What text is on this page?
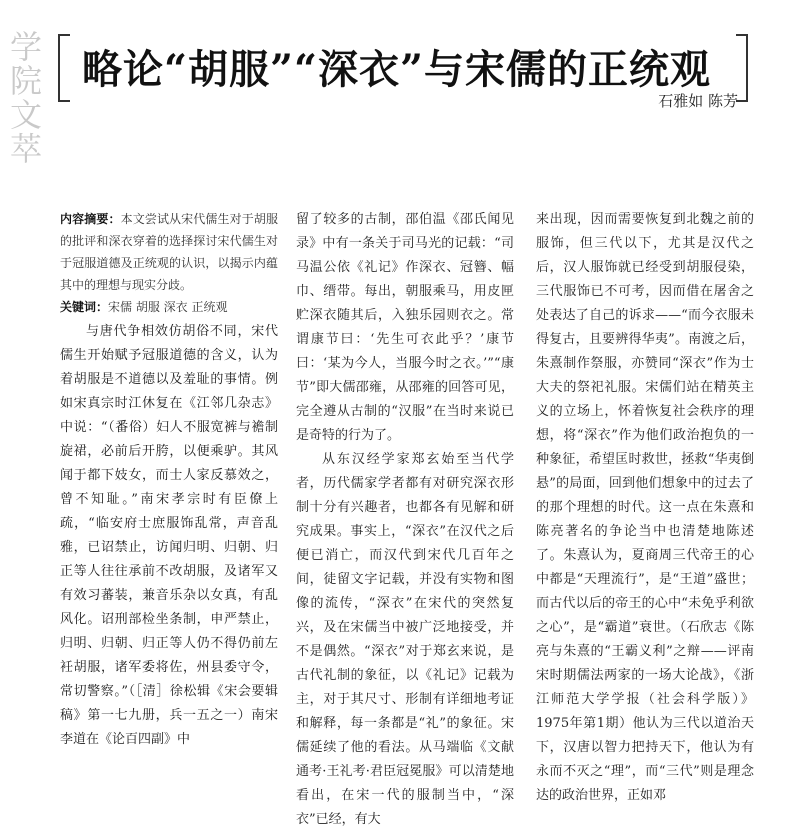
学
院
文
萃
略论“胡服”“深衣”与宋儒的正统观
石雅如 陈芳
内容摘要：本文尝试从宋代儒生对于胡服的批评和深衣穿着的选择探讨宋代儒生对于冠服道德及正统观的认识，以揭示内蕴其中的理想与现实分歧。
关键词：宋儒 胡服 深衣 正统观

与唐代争相效仿胡俗不同，宋代儒生开始赋予冠服道德的含义，认为着胡服是不道德以及羞耻的事情。例如宋真宗时江休复在《江邻几杂志》中说：“（番俗）妇人不服宽裤与襜制旋裙，必前后开胯，以便乘驴。其风闻于都下妓女，而士人家反慕效之，曾不知耻。”南宋孝宗时有臣僚上疏，“临安府士庶服饰乱常，声音乱雅，已诏禁止，访闻归明、归朝、归正等人往往承前不改胡服，及诸军又有效习蕃装，兼音乐杂以女真，有乱风化。诏刑部检坐条制，申严禁止，归明、归朝、归正等人仍不得仍前左衽胡服，诸军委将佐，州县委守令，常切警察。”（［清］徐松辑《宋会要辑稿》第一七九册，兵一五之一）南宋李道在《论百四副》中

留了较多的古制，邵伯温《邵氏闻见录》中有一条关于司马光的记载：“司马温公依《礼记》作深衣、冠簪、幅巾、缙带。每出，朝服乘马，用皮匣贮深衣随其后，入独乐园则衣之。常谓康节曰：‘先生可衣此乎？’康节曰：‘某为今人，当服今时之衣。’”“康节”即大儒邵雍，从邵雍的回答可见，完全遵从古制的“汉服”在当时来说已是奇特的行为了。

从东汉经学家郑玄始至当代学者，历代儒家学者都有对研究深衣形制十分有兴趣者，也都各有见解和研究成果。事实上，“深衣”在汉代之后便已消亡，而汉代到宋代几百年之间，徒留文字记载，并没有实物和图像的流传，“深衣”在宋代的突然复兴，及在宋儒当中被广泛地接受，并不是偶然。“深衣”对于郑玄来说，是古代礼制的象征，以《礼记》记载为主，对于其尺寸、形制有详细地考证和解释，每一条都是“礼”的象征。宋儒延续了他的看法。从马端临《文献通考·王礼考·君臣冠冕服》可以清楚地看出，在宋一代的服制当中，“深衣”已经，有大

来出现，因而需要恢复到北魏之前的服饰，但三代以下，尤其是汉代之后，汉人服饰就已经受到胡服侵染，三代服饰已不可考，因而借在屠舍之处表达了自己的诉求——“而今衣服未得复古，且要辨得华夷”。南渡之后，朱熹制作祭服，亦赞同“深衣”作为士大夫的祭祀礼服。宋儒们站在精英主义的立场上，怀着恢复社会秩序的理想，将“深衣”作为他们政治抱负的一种象征，希望匡时救世，拯救“华夷倒悬”的局面，回到他们想象中的过去了的那个理想的时代。这一点在朱熹和陈亮著名的争论当中也清楚地陈述了。朱熹认为，夏商周三代帝王的心中都是“天理流行”，是“王道”盛世；而古代以后的帝王的心中“未免乎利欲之心”，是“霸道”衰世。（石欣志《陈亮与朱熹的“王霸义利”之辩——评南宋时期儒法两家的一场大论战》，《浙江师范大学学报（社会科学版）》1975年第1期）他认为三代以道治天下，汉唐以智力把持天下，他认为有永而不灭之“理”，而“三代”则是理念达的政治世界，正如邓
